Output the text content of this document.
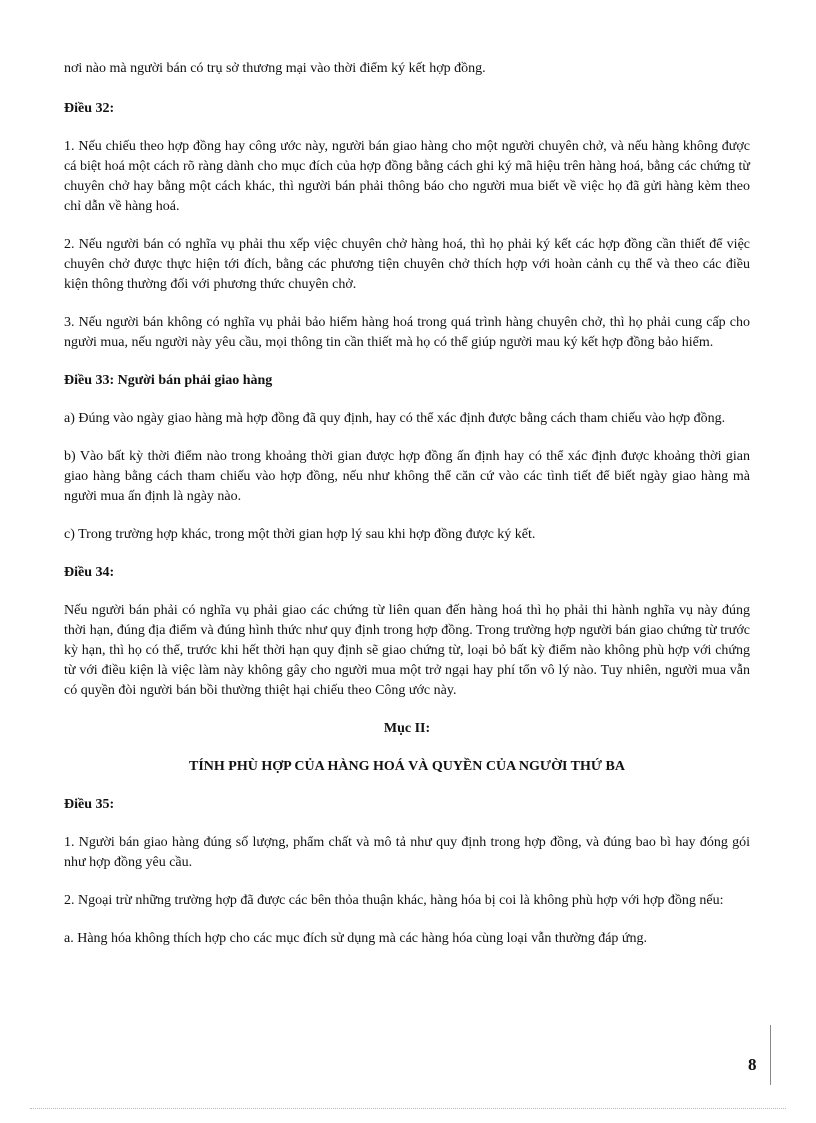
nơi nào mà người bán có trụ sở thương mại vào thời điểm ký kết hợp đồng.

Điều 32:

1. Nếu chiếu theo hợp đồng hay công ước này, người bán giao hàng cho một người chuyên chở, và nếu hàng không được cá biệt hoá một cách rõ ràng dành cho mục đích của hợp đồng bằng cách ghi ký mã hiệu trên hàng hoá, bằng các chứng từ chuyên chở hay bằng một cách khác, thì người bán phải thông báo cho người mua biết về việc họ đã gửi hàng kèm theo chỉ dẫn về hàng hoá.

2. Nếu người bán có nghĩa vụ phải thu xếp việc chuyên chở hàng hoá, thì họ phải ký kết các hợp đồng cần thiết để việc chuyên chở được thực hiện tới đích, bằng các phương tiện chuyên chở thích hợp với hoàn cảnh cụ thể và theo các điều kiện thông thường đối với phương thức chuyên chở.

3. Nếu người bán không có nghĩa vụ phải bảo hiểm hàng hoá trong quá trình hàng chuyên chở, thì họ phải cung cấp cho người mua, nếu người này yêu cầu, mọi thông tin cần thiết mà họ có thể giúp người mau ký kết hợp đồng bảo hiểm.

Điều 33: Người bán phải giao hàng

a) Đúng vào ngày giao hàng mà hợp đồng đã quy định, hay có thể xác định được bằng cách tham chiếu vào hợp đồng.

b) Vào bất kỳ thời điểm nào trong khoảng thời gian được hợp đồng ấn định hay có thể xác định được khoảng thời gian giao hàng bằng cách tham chiếu vào hợp đồng, nếu như không thể căn cứ vào các tình tiết để biết ngày giao hàng mà người mua ấn định là ngày nào.

c) Trong trường hợp khác, trong một thời gian hợp lý sau khi hợp đồng được ký kết.

Điều 34:

Nếu người bán phải có nghĩa vụ phải giao các chứng từ liên quan đến hàng hoá thì họ phải thi hành nghĩa vụ này đúng thời hạn, đúng địa điểm và đúng hình thức như quy định trong hợp đồng. Trong trường hợp người bán giao chứng từ trước kỳ hạn, thì họ có thể, trước khi hết thời hạn quy định sẽ giao chứng từ, loại bỏ bất kỳ điểm nào không phù hợp với chứng từ với điều kiện là việc làm này không gây cho người mua một trở ngại hay phí tổn vô lý nào. Tuy nhiên, người mua vẫn có quyền đòi người bán bồi thường thiệt hại chiếu theo Công ước này.

Mục II:
TÍNH PHÙ HỢP CỦA HÀNG HOÁ VÀ QUYỀN CỦA NGƯỜI THỨ BA
Điều 35:

1. Người bán giao hàng đúng số lượng, phẩm chất và mô tả như quy định trong hợp đồng, và đúng bao bì hay đóng gói như hợp đồng yêu cầu.

2. Ngoại trừ những trường hợp đã được các bên thỏa thuận khác, hàng hóa bị coi là không phù hợp với hợp đồng nếu:

a. Hàng hóa không thích hợp cho các mục đích sử dụng mà các hàng hóa cùng loại vẫn thường đáp ứng.

8
